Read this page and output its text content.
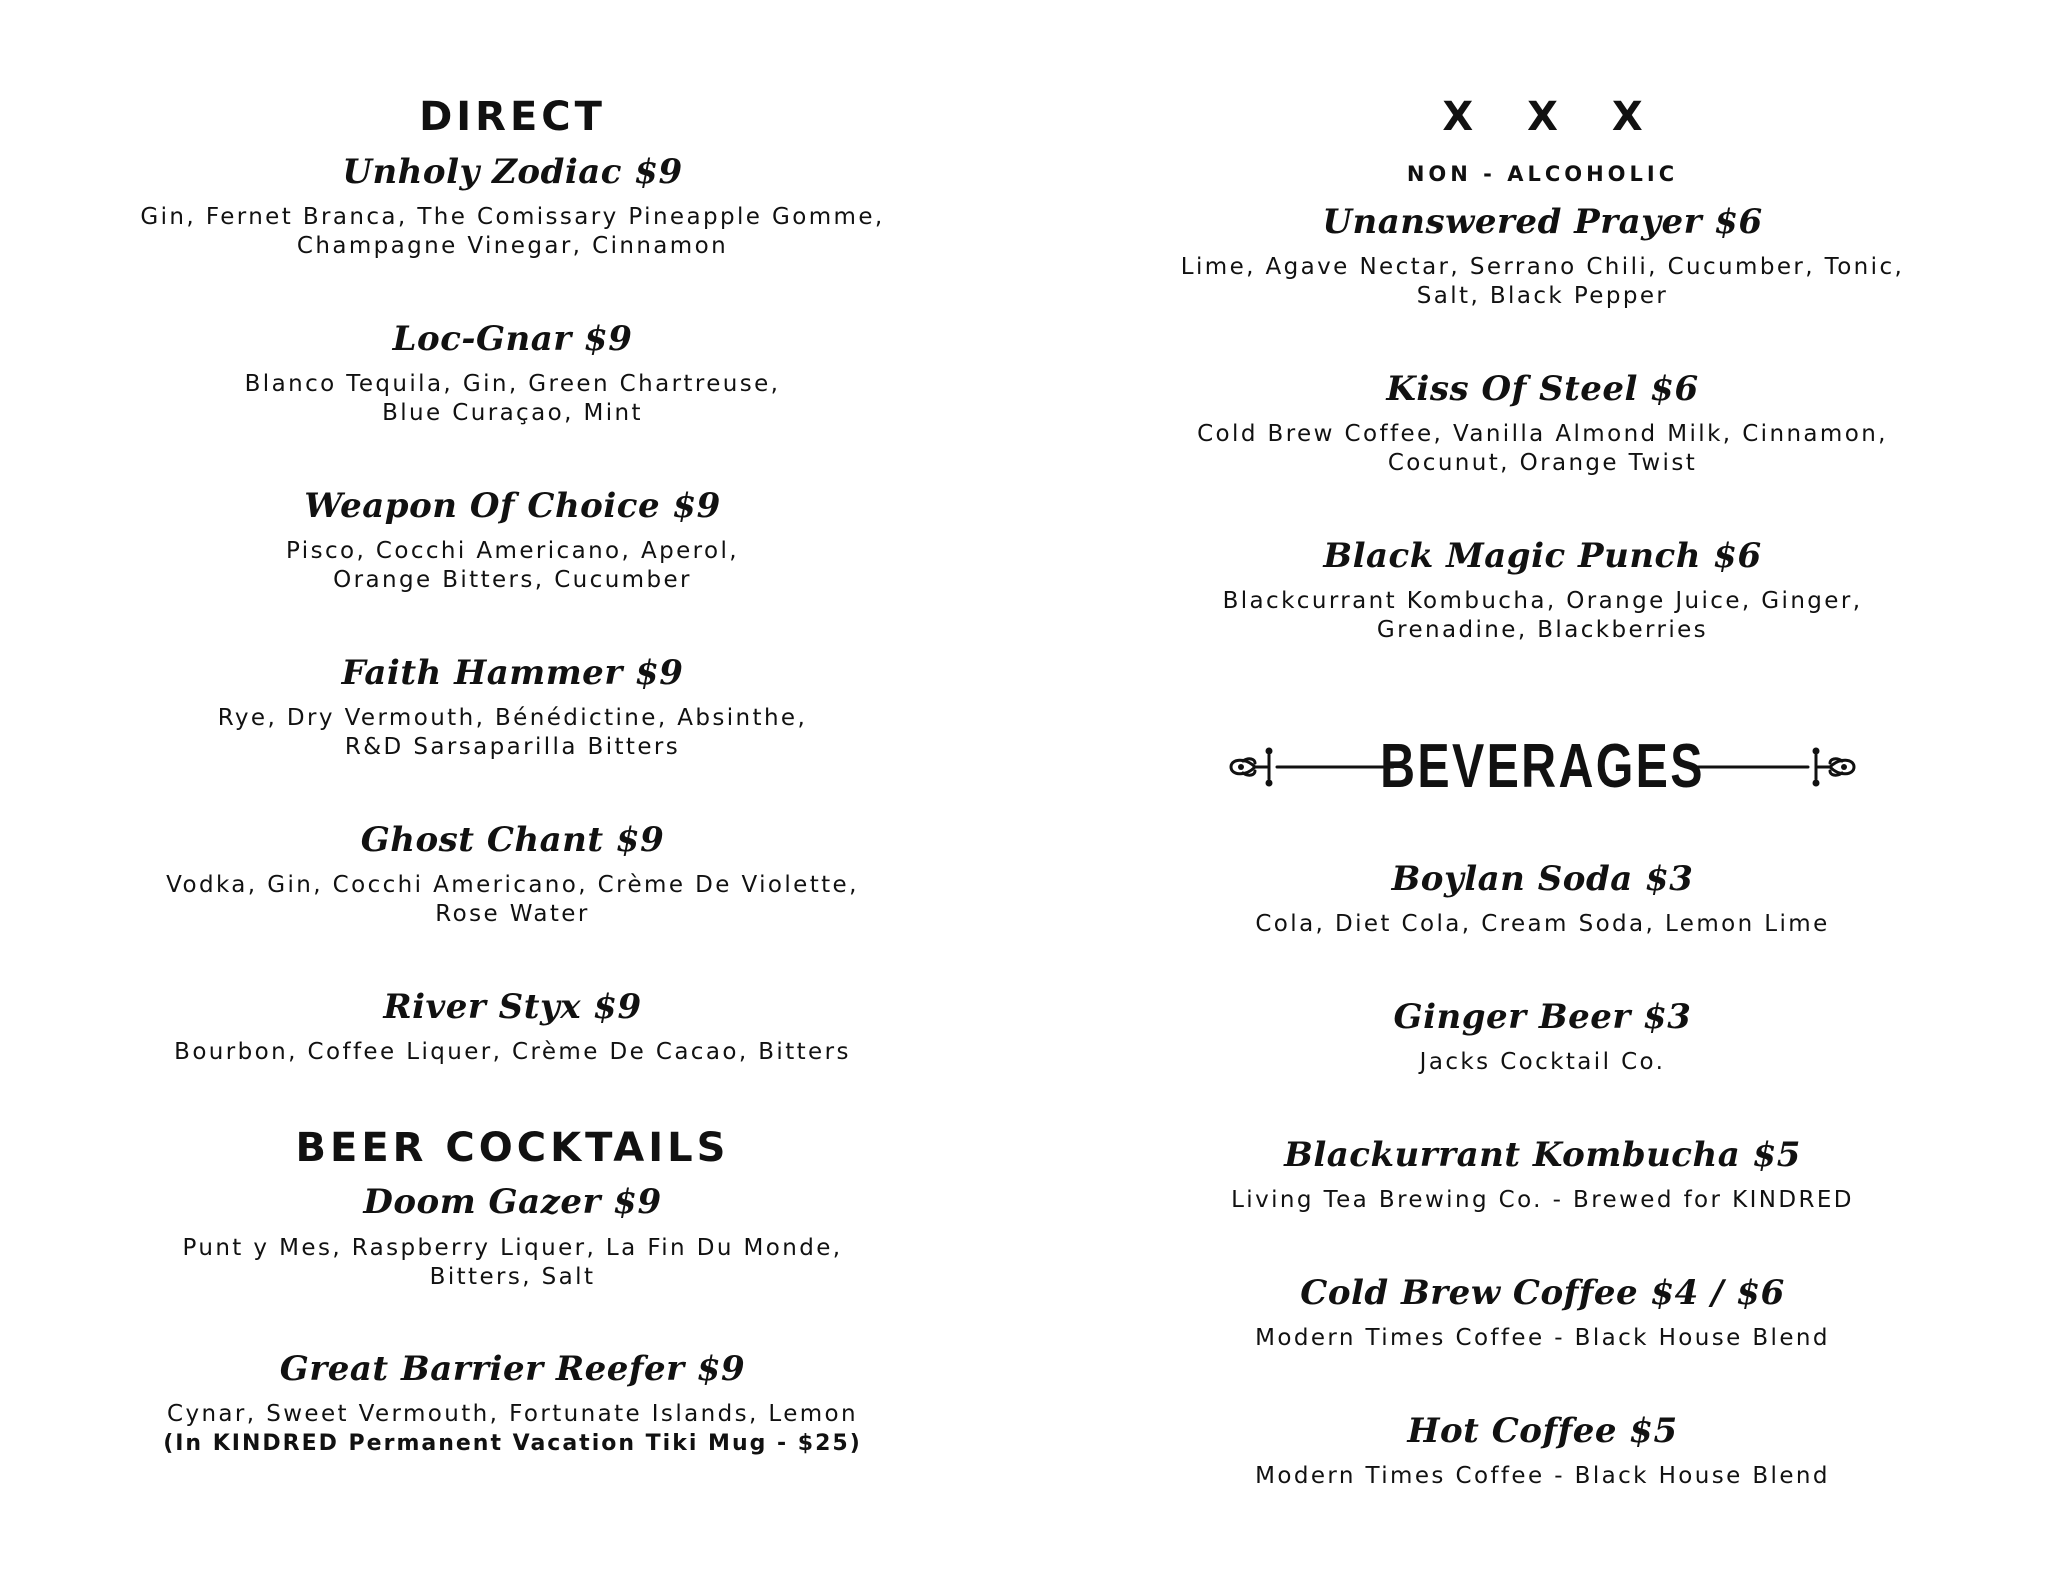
DIRECT
Unholy Zodiac $9
Gin, Fernet Branca, The Comissary Pineapple Gomme,
Champagne Vinegar, Cinnamon
Loc-Gnar $9
Blanco Tequila, Gin, Green Chartreuse,
Blue Curaçao, Mint
Weapon Of Choice $9
Pisco, Cocchi Americano, Aperol,
Orange Bitters, Cucumber
Faith Hammer $9
Rye, Dry Vermouth, Bénédictine, Absinthe,
R&D Sarsaparilla Bitters
Ghost Chant $9
Vodka, Gin, Cocchi Americano, Crème De Violette,
Rose Water
River Styx $9
Bourbon, Coffee Liquer, Crème De Cacao, Bitters
BEER COCKTAILS
Doom Gazer $9
Punt y Mes, Raspberry Liquer, La Fin Du Monde,
Bitters, Salt
Great Barrier Reefer $9
Cynar, Sweet Vermouth, Fortunate Islands, Lemon
(In KINDRED Permanent Vacation Tiki Mug - $25)
X X X
NON - ALCOHOLIC
Unanswered Prayer $6
Lime, Agave Nectar, Serrano Chili, Cucumber, Tonic,
Salt, Black Pepper
Kiss Of Steel $6
Cold Brew Coffee, Vanilla Almond Milk, Cinnamon,
Cocunut, Orange Twist
Black Magic Punch $6
Blackcurrant Kombucha, Orange Juice, Ginger,
Grenadine, Blackberries
BEVERAGES
Boylan Soda $3
Cola, Diet Cola, Cream Soda, Lemon Lime
Ginger Beer $3
Jacks Cocktail Co.
Blackurrant Kombucha $5
Living Tea Brewing Co. - Brewed for KINDRED
Cold Brew Coffee $4 / $6
Modern Times Coffee - Black House Blend
Hot Coffee $5
Modern Times Coffee - Black House Blend
